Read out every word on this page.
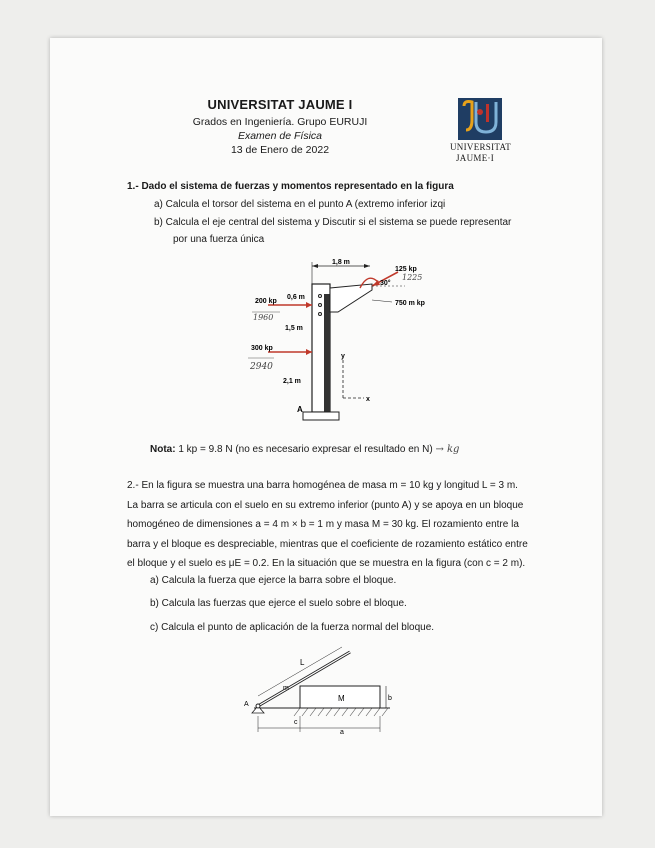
UNIVERSITAT JAUME I
Grados en Ingeniería. Grupo EURUJI
Examen de Física
13 de Enero de 2022	UNIVERSITAT
JAUME·I
1.- Dado el sistema de fuerzas y momentos representado en la figura
a) Calcula el torsor del sistema en el punto A (extremo inferior izqi
b) Calcula el eje central del sistema y Discutir si el sistema se puede representar
por una fuerza única
1,8 m
30°
125 kp
1225
750 m kp
0,6 m
200 kp
1960
1,5 m
300 kp
2940
2,1 m
y
x
A
Nota: 1 kp = 9.8 N (no es necesario expresar el resultado en N) → kg
2.- En la figura se muestra una barra homogénea de masa m = 10 kg y longitud L = 3 m.
La barra se articula con el suelo en su extremo inferior (punto A) y se apoya en un bloque
homogéneo de dimensiones a = 4 m × b = 1 m y masa M = 30 kg. El rozamiento entre la
barra y el bloque es despreciable, mientras que el coeficiente de rozamiento estático entre
el bloque y el suelo es μE = 0.2. En la situación que se muestra en la figura (con c = 2 m).
a) Calcula la fuerza que ejerce la barra sobre el bloque.
b) Calcula las fuerzas que ejerce el suelo sobre el bloque.
c) Calcula el punto de aplicación de la fuerza normal del bloque.
M
A
L
m
b
c
a
